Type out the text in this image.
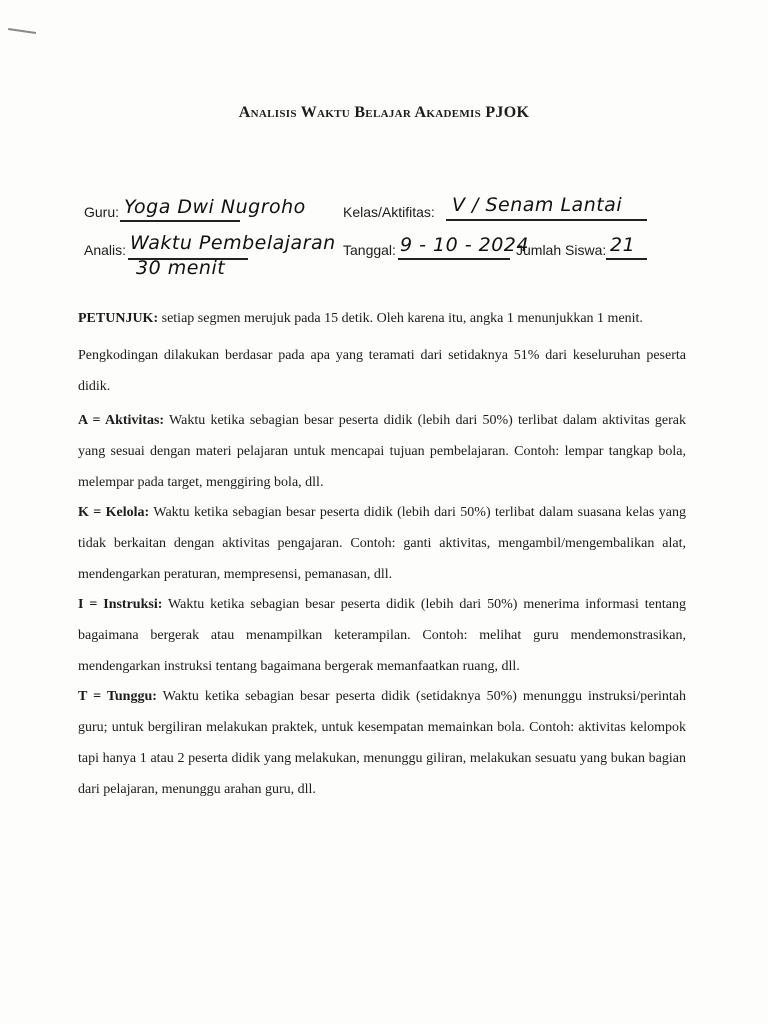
Analisis Waktu Belajar Akademis PJOK
Guru: Yoga Dwi Nugroho	Kelas/Aktifitas: V / Senam Lantai
Analis: Waktu Pembelajaran
30 menit
Tanggal: 9 - 10 - 2024
Jumlah Siswa: 21
PETUNJUK: setiap segmen merujuk pada 15 detik. Oleh karena itu, angka 1 menunjukkan 1 menit.
Pengkodingan dilakukan berdasar pada apa yang teramati dari setidaknya 51% dari keseluruhan peserta didik.
A = Aktivitas: Waktu ketika sebagian besar peserta didik (lebih dari 50%) terlibat dalam aktivitas gerak yang sesuai dengan materi pelajaran untuk mencapai tujuan pembelajaran. Contoh: lempar tangkap bola, melempar pada target, menggiring bola, dll.
K = Kelola: Waktu ketika sebagian besar peserta didik (lebih dari 50%) terlibat dalam suasana kelas yang tidak berkaitan dengan aktivitas pengajaran. Contoh: ganti aktivitas, mengambil/mengembalikan alat, mendengarkan peraturan, mempresensi, pemanasan, dll.
I = Instruksi: Waktu ketika sebagian besar peserta didik (lebih dari 50%) menerima informasi tentang bagaimana bergerak atau menampilkan keterampilan. Contoh: melihat guru mendemonstrasikan, mendengarkan instruksi tentang bagaimana bergerak memanfaatkan ruang, dll.
T = Tunggu: Waktu ketika sebagian besar peserta didik (setidaknya 50%) menunggu instruksi/perintah guru; untuk bergiliran melakukan praktek, untuk kesempatan memainkan bola. Contoh: aktivitas kelompok tapi hanya 1 atau 2 peserta didik yang melakukan, menunggu giliran, melakukan sesuatu yang bukan bagian dari pelajaran, menunggu arahan guru, dll.
